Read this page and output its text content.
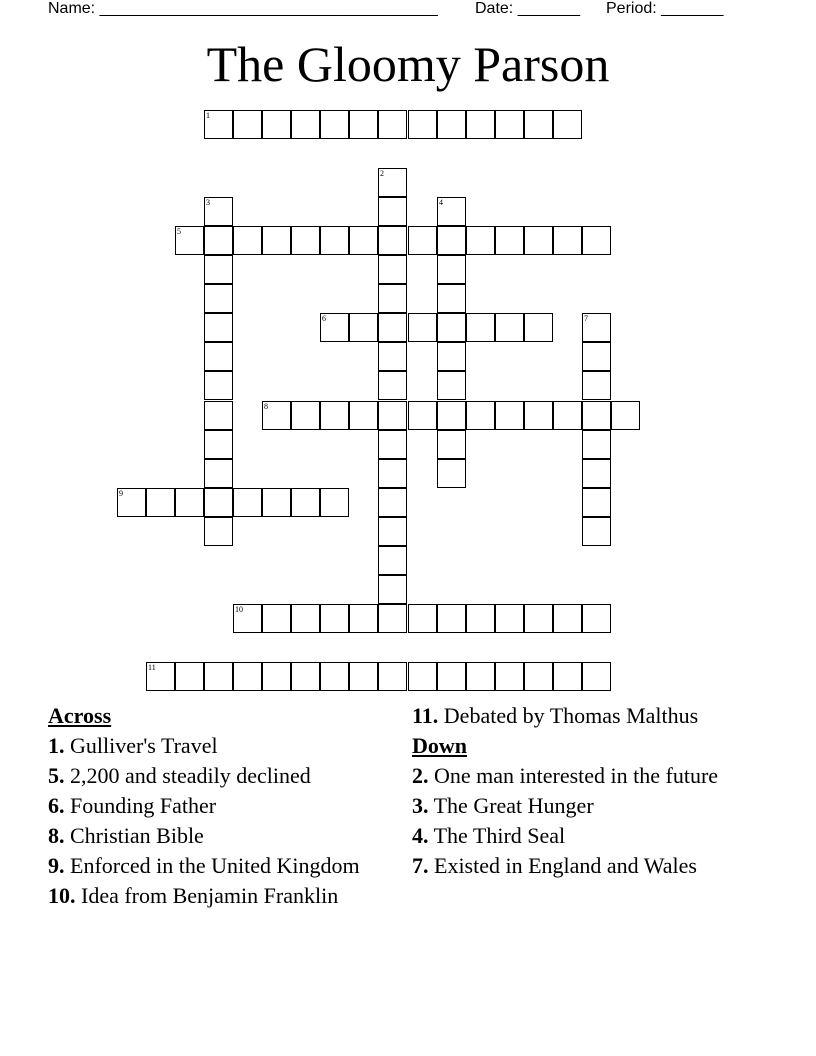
Name: ______________________________________ Date: _______ Period: _______
The Gloomy Parson
1
2
3	4
5
6	7
8
9
10
11
Across
1. Gulliver's Travel
5. 2,200 and steadily declined
6. Founding Father
8. Christian Bible
9. Enforced in the United Kingdom
10. Idea from Benjamin Franklin
11. Debated by Thomas Malthus
Down
2. One man interested in the future
3. The Great Hunger
4. The Third Seal
7. Existed in England and Wales
